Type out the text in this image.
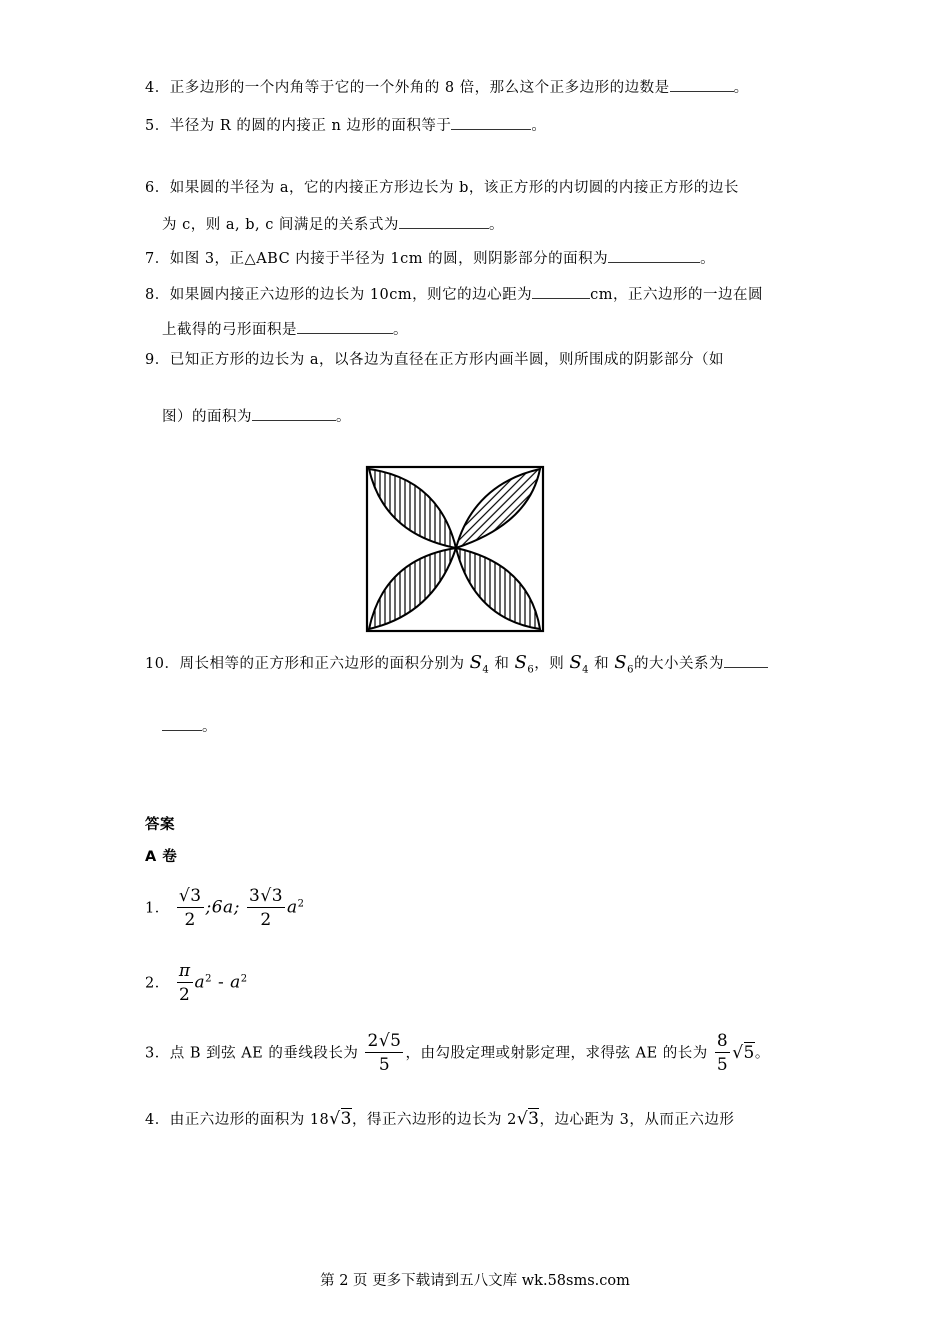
4．正多边形的一个内角等于它的一个外角的 8 倍，那么这个正多边形的边数是	。
5．半径为 R 的圆的内接正 n 边形的面积等于	。
6．如果圆的半径为 a，它的内接正方形边长为 b，该正方形的内切圆的内接正方形的边长
为 c，则 a, b, c 间满足的关系式为	。
7．如图 3，正△ABC 内接于半径为 1cm 的圆，则阴影部分的面积为	。
8．如果圆内接正六边形的边长为 10cm，则它的边心距为	cm，正六边形的一边在圆
上截得的弓形面积是	。
9．已知正方形的边长为 a，以各边为直径在正方形内画半圆，则所围成的阴影部分（如
图）的面积为	。
10．周长相等的正方形和正六边形的面积分别为 $S_4$ 和 $S_6$，则 $S_4$ 和 $S_6$的大小关系为
。
答案
A 卷
1． $\frac{√3}{2}$ ;6a; $\frac{3√3}{2} a^2$
2． $\frac{\pi}{2} a^2 - a^2$
3．点 B 到弦 AE 的垂线段长为 $\frac{2√5}{5}$ ，由勾股定理或射影定理，求得弦 AE 的长为 $\frac{8}{5} √5$。
4．由正六边形的面积为 18√3，得正六边形的边长为 2√3，边心距为 3，从而正六边形
第 2 页 更多下载请到五八文库 wk.58sms.com
